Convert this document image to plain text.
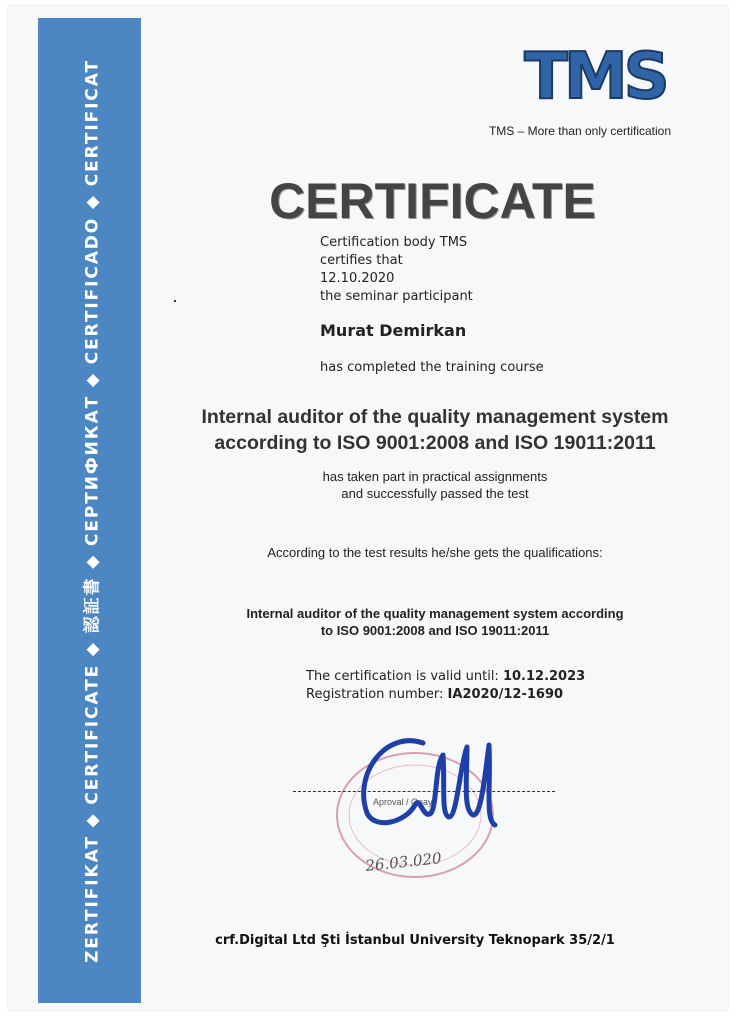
ZERTIFIKAT ◆ CERTIFICATE ◆ 認証書 ◆ СЕРТИФИКАТ ◆ CERTIFICADO ◆ CERTIFICAT	TMS
TMS – More than only certification
CERTIFICATE
Certification body TMS
certifies that
12.10.2020
the seminar participant
Murat Demirkan
has completed the training course
Internal auditor of the quality management system
according to ISO 9001:2008 and ISO 19011:2011
has taken part in practical assignments
and successfully passed the test
According to the test results he/she gets the qualifications:
Internal auditor of the quality management system according
to ISO 9001:2008 and ISO 19011:2011
The certification is valid until: 10.12.2023
Registration number: IA2020/12-1690
26.03.020
Aproval / Onay
crf.Digital Ltd Şti İstanbul University Teknopark 35/2/1
